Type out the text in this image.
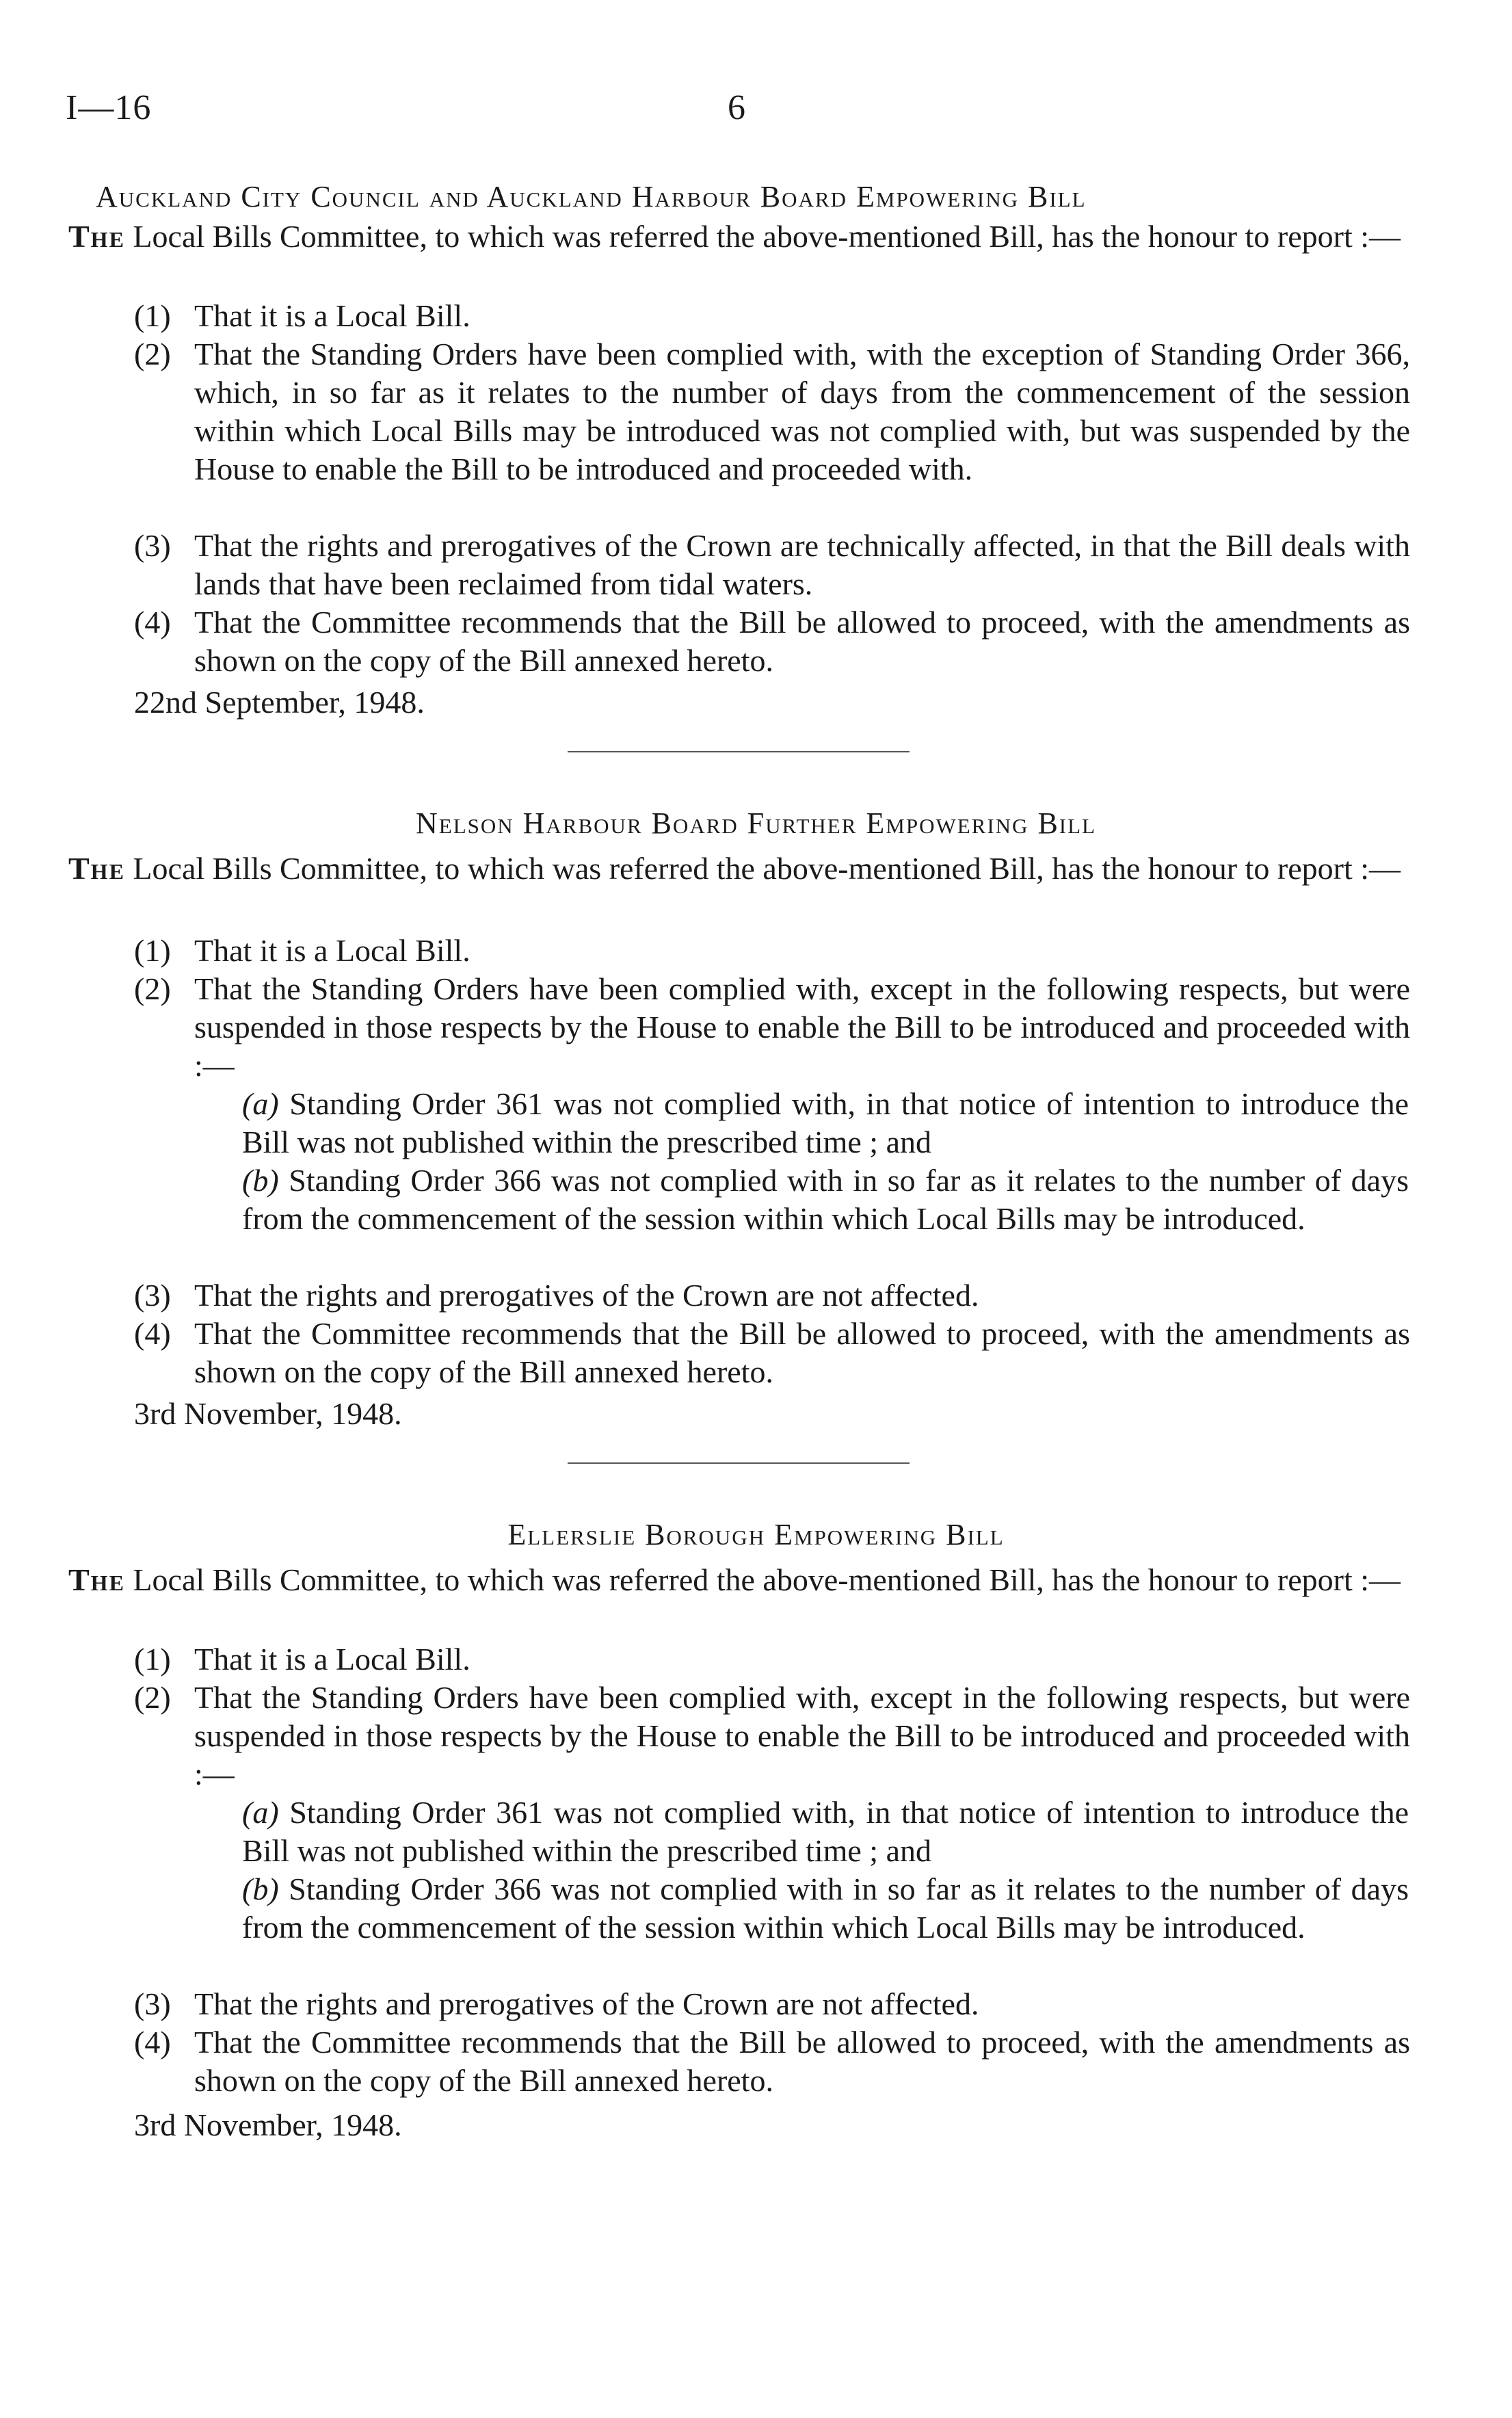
I—16	6
Auckland City Council and Auckland Harbour Board Empowering Bill
The Local Bills Committee, to which was referred the above-mentioned Bill, has the honour to report :—
(1) That it is a Local Bill.
(2) That the Standing Orders have been complied with, with the exception of Standing Order 366, which, in so far as it relates to the number of days from the commencement of the session within which Local Bills may be introduced was not complied with, but was suspended by the House to enable the Bill to be introduced and proceeded with.
(3) That the rights and prerogatives of the Crown are technically affected, in that the Bill deals with lands that have been reclaimed from tidal waters.
(4) That the Committee recommends that the Bill be allowed to proceed, with the amendments as shown on the copy of the Bill annexed hereto.
22nd September, 1948.
Nelson Harbour Board Further Empowering Bill
The Local Bills Committee, to which was referred the above-mentioned Bill, has the honour to report :—
(1) That it is a Local Bill.
(2) That the Standing Orders have been complied with, except in the following respects, but were suspended in those respects by the House to enable the Bill to be introduced and proceeded with :—
(a) Standing Order 361 was not complied with, in that notice of intention to introduce the Bill was not published within the prescribed time ; and
(b) Standing Order 366 was not complied with in so far as it relates to the number of days from the commencement of the session within which Local Bills may be introduced.
(3) That the rights and prerogatives of the Crown are not affected.
(4) That the Committee recommends that the Bill be allowed to proceed, with the amendments as shown on the copy of the Bill annexed hereto.
3rd November, 1948.
Ellerslie Borough Empowering Bill
The Local Bills Committee, to which was referred the above-mentioned Bill, has the honour to report :—
(1) That it is a Local Bill.
(2) That the Standing Orders have been complied with, except in the following respects, but were suspended in those respects by the House to enable the Bill to be introduced and proceeded with :—
(a) Standing Order 361 was not complied with, in that notice of intention to introduce the Bill was not published within the prescribed time ; and
(b) Standing Order 366 was not complied with in so far as it relates to the number of days from the commencement of the session within which Local Bills may be introduced.
(3) That the rights and prerogatives of the Crown are not affected.
(4) That the Committee recommends that the Bill be allowed to proceed, with the amendments as shown on the copy of the Bill annexed hereto.
3rd November, 1948.
